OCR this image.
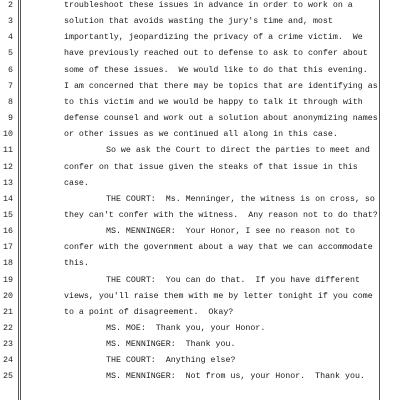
2	troubleshoot these issues in advance in order to work on a
3	solution that avoids wasting the jury's time and, most
4	importantly, jeopardizing the privacy of a crime victim.  We
5	have previously reached out to defense to ask to confer about
6	some of these issues.  We would like to do that this evening.
7	I am concerned that there may be topics that are identifying as
8	to this victim and we would be happy to talk it through with
9	defense counsel and work out a solution about anonymizing names
10	or other issues as we continued all along in this case.
11	So we ask the Court to direct the parties to meet and
12	confer on that issue given the steaks of that issue in this
13	case.
14	THE COURT:  Ms. Menninger, the witness is on cross, so
15	they can't confer with the witness.  Any reason not to do that?
16	MS. MENNINGER:  Your Honor, I see no reason not to
17	confer with the government about a way that we can accommodate
18	this.
19	THE COURT:  You can do that.  If you have different
20	views, you'll raise them with me by letter tonight if you come
21	to a point of disagreement.  Okay?
22	MS. MOE:  Thank you, your Honor.
23	MS. MENNINGER:  Thank you.
24	THE COURT:  Anything else?
25	MS. MENNINGER:  Not from us, your Honor.  Thank you.
